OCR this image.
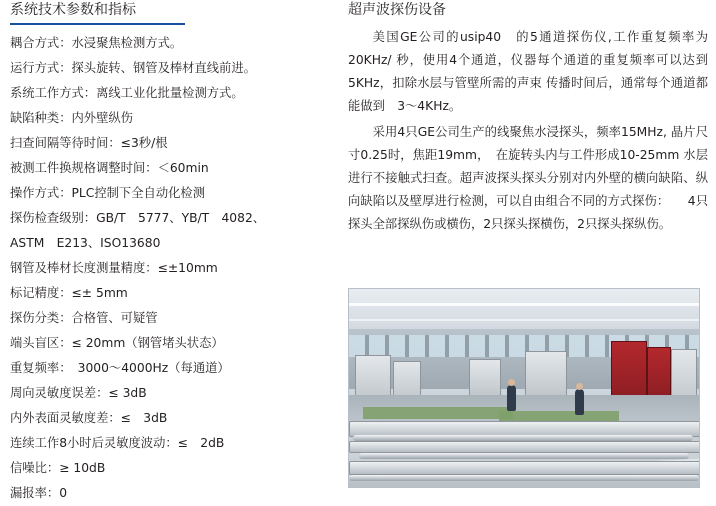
系统技术参数和指标
耦合方式：水浸聚焦检测方式。
运行方式：探头旋转、钢管及棒材直线前进。
系统工作方式：离线工业化批量检测方式。
缺陷种类：内外壁纵伤
扫查间隔等待时间：≤3秒/根
被测工件换规格调整时间：＜60min
操作方式：PLC控制下全自动化检测
探伤检查级别：GB/T　5777、YB/T　4082、
ASTM　E213、ISO13680
钢管及棒材长度测量精度：≤±10mm
标记精度：≤± 5mm
探伤分类：合格管、可疑管
端头盲区：≤ 20mm（钢管堵头状态）
重复频率：　3000～4000Hz（每通道）
周向灵敏度误差：≤ 3dB
内外表面灵敏度差：≤　3dB
连续工作8小时后灵敏度波动：≤　2dB
信噪比：≥ 10dB
漏报率：0
超声波探伤设备

美国GE公司的usip40　的5通道探伤仪,工作重复频率为20KHz/ 秒，使用4个通道，仪器每个通道的重复频率可以达到5KHz，扣除水层与管壁所需的声束 传播时间后，通常每个通道都能做到　3～4KHz。

采用4只GE公司生产的线聚焦水浸探头，频率15MHz, 晶片尺寸0.25时，焦距19mm，　在旋转头内与工件形成10-25mm 水层进行不接触式扫查。超声波探头探头分别对内外壁的横向缺陷、纵向缺陷以及壁厚进行检测，可以自由组合不同的方式探伤：　　4只探头全部探纵伤或横伤，2只探头探横伤，2只探头探纵伤。
